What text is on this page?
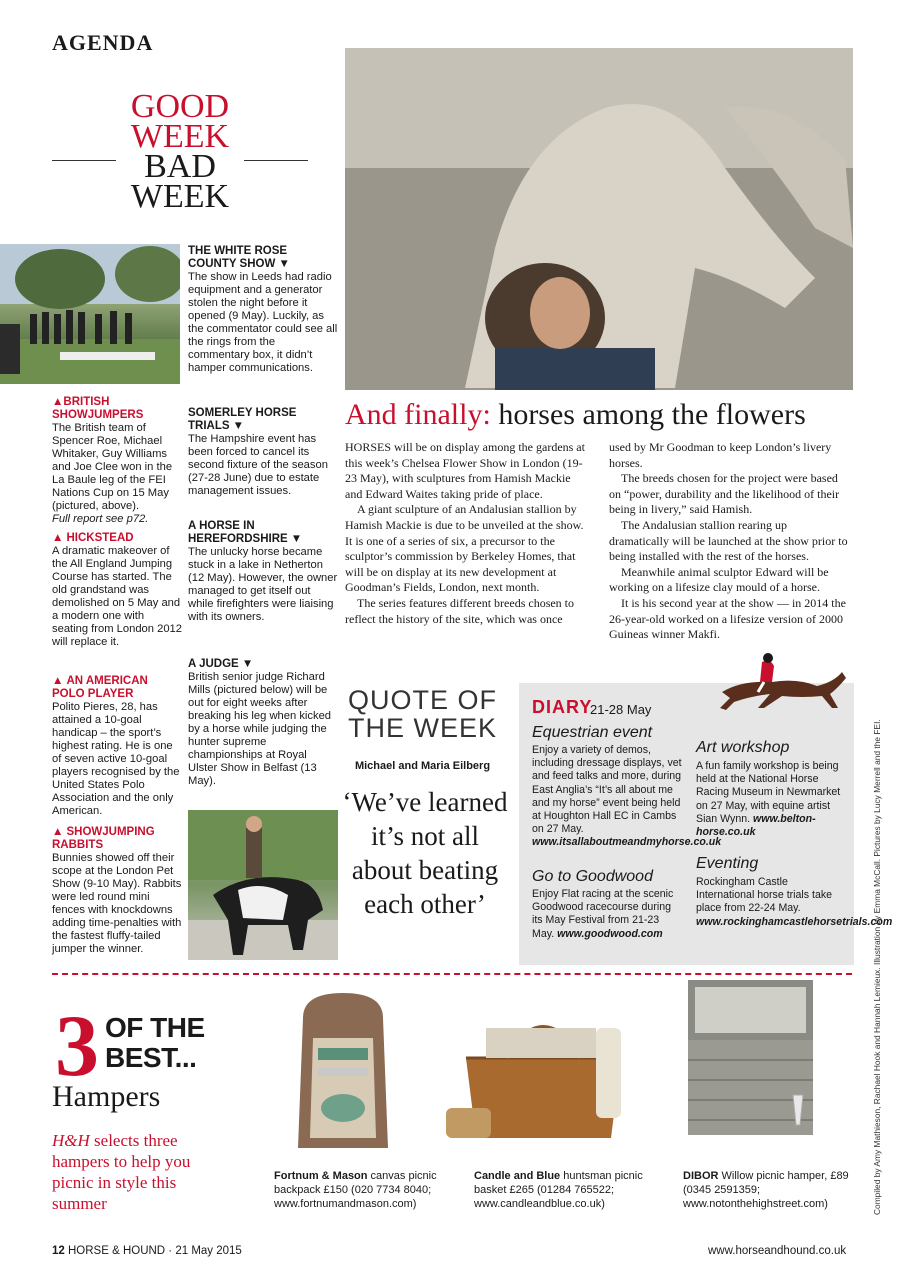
AGENDA
GOOD
WEEK
BAD
WEEK
▲BRITISH SHOWJUMPERS
The British team of Spencer Roe, Michael Whitaker, Guy Williams and Joe Clee won in the La Baule leg of the FEI Nations Cup on 15 May (pictured, above).
Full report see p72.
▲ HICKSTEAD
A dramatic makeover of the All England Jumping Course has started. The old grandstand was demolished on 5 May and a modern one with seating from London 2012 will replace it.
▲ AN AMERICAN POLO PLAYER
Polito Pieres, 28, has attained a 10-goal handicap – the sport’s highest rating. He is one of seven active 10-goal players recognised by the United States Polo Association and the only American.
▲ SHOWJUMPING RABBITS
Bunnies showed off their scope at the London Pet Show (9-10 May). Rabbits were led round mini fences with knockdowns adding time-penalties with the fastest fluffy-tailed jumper the winner.
THE WHITE ROSE COUNTY SHOW ▼
The show in Leeds had radio equipment and a generator stolen the night before it opened (9 May). Luckily, as the commentator could see all the rings from the commentary box, it didn’t hamper communications.
SOMERLEY HORSE TRIALS ▼
The Hampshire event has been forced to cancel its second fixture of the season (27-28 June) due to estate management issues.
A HORSE IN HEREFORDSHIRE ▼
The unlucky horse became stuck in a lake in Netherton (12 May). However, the owner managed to get itself out while firefighters were liaising with its owners.
A JUDGE ▼
British senior judge Richard Mills (pictured below) will be out for eight weeks after breaking his leg when kicked by a horse while judging the hunter supreme championships at Royal Ulster Show in Belfast (13 May).
And finally: horses among the flowers

HORSES will be on display among the gardens at this week’s Chelsea Flower Show in London (19-23 May), with sculptures from Hamish Mackie and Edward Waites taking pride of place.

A giant sculpture of an Andalusian stallion by Hamish Mackie is due to be unveiled at the show. It is one of a series of six, a precursor to the sculptor’s commission by Berkeley Homes, that will be on display at its new development at Goodman’s Fields, London, next month.

The series features different breeds chosen to reflect the history of the site, which was once

used by Mr Goodman to keep London’s livery horses.

The breeds chosen for the project were based on “power, durability and the likelihood of their being in livery,” said Hamish.

The Andalusian stallion rearing up dramatically will be launched at the show prior to being installed with the rest of the horses.

Meanwhile animal sculptor Edward will be working on a lifesize clay mould of a horse.

It is his second year at the show — in 2014 the 26-year-old worked on a lifesize version of 2000 Guineas winner Makfi.

QUOTE OF
THE WEEK
Michael and Maria Eilberg
‘We’ve learned it’s not all about beating each other’
DIARY
21-28 May
Equestrian event
Enjoy a variety of demos, including dressage displays, vet and feed talks and more, during East Anglia’s “It’s all about me and my horse” event being held at Houghton Hall EC in Cambs on 27 May. www.itsallaboutmeandmyhorse.co.uk
Go to Goodwood
Enjoy Flat racing at the scenic Goodwood racecourse during its May Festival from 21-23 May. www.goodwood.com
Art workshop
A fun family workshop is being held at the National Horse Racing Museum in Newmarket on 27 May, with equine artist Sian Wynn. www.belton-horse.co.uk
Eventing
Rockingham Castle International horse trials take place from 22-24 May. www.rockinghamcastlehorsetrials.com
Compiled by Amy Mathieson, Rachael Hook and Hannah Lemieux. Illustration by Emma McCall. Pictures by Lucy Merrell and the FEI.
3 OF THE
BEST...
Hampers
H&H selects three hampers to help you picnic in style this summer
Fortnum & Mason canvas picnic backpack £150 (020 7734 8040; www.fortnumandmason.com)
Candle and Blue huntsman picnic basket £265 (01284 765522; www.candleandblue.co.uk)
DIBOR Willow picnic hamper, £89 (0345 2591359; www.notonthehighstreet.com)
12 HORSE & HOUND · 21 May 2015	www.horseandhound.co.uk
